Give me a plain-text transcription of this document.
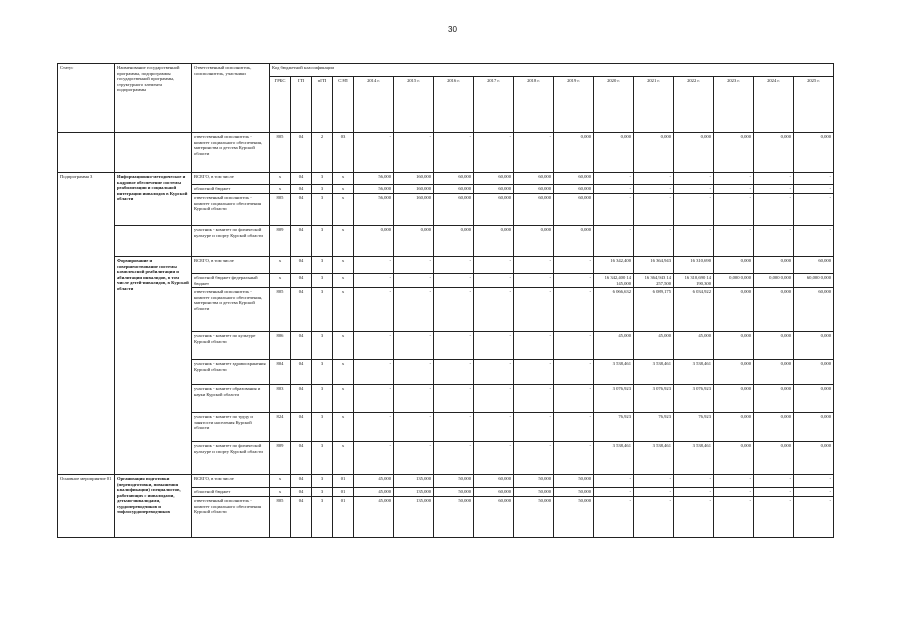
30
Статус	Наименование государственной программы, подпрограммы государственной программы, структурного элемента подпрограммы	Ответственный исполнитель, соисполнитель, участники	Код бюджетной классификации															
			ГРБС	ГП	пГП	СЭП	2014 г.	2015 г.	2016 г.	2017 г.	2018 г.	2019 г.	2020 г.	2021 г.	2022 г.	2023 г.	2024 г.	2025 г.
		ответственный исполнитель - комитет социального обеспечения, материнства и детства Курской области	805	04	2	03	-	-	-	-	-	0,000	0,000	0,000	0,000	0,000	0,000	0,000
Подпрограмма 3	Информационно-методическое и кадровое обеспечение системы реабилитации и социальной интеграции инвалидов в Курской области	ВСЕГО, в том числе	x	04	3	x	56,000	160,000	60,000	60,000	60,000	60,000	-	-	-	-	-	-
		областной бюджет	x	04	3	x	56,000	160,000	60,000	60,000	60,000	60,000	-	-	-	-	-	-
		ответственный исполнитель - комитет социального обеспечения Курской области	805	04	3	x	56,000	160,000	60,000	60,000	60,000	60,000	-	-	-	-	-	-
		участник - комитет по физической культуре и спорту Курской области	809	04	3	x	0,000	0,000	0,000	0,000	0,000	0,000	-	-	-	-	-	-
	Формирование и совершенствование системы комплексной реабилитации и абилитации инвалидов, в том числе детей-инвалидов, в Курской области	ВСЕГО, в том числе	x	04	3	x	-	-	-	-	-	-	16 342,400	16 364,943	16 310,690	0,000	0,000	60,000
		областной бюджет федеральный бюджет	x	04	3	x	-	-	-	-	-	-	16 342,400 14 145,000	16 364,943 14 257,500	16 310,690 14 190,300	0,000 0,000	0,000 0,000	60,000 0,000
		ответственный исполнитель - комитет социального обеспечения, материнства и детства Курской области	805	04	3	x	-	-	-	-	-	-	6 066,632	6 089,175	6 034,922	0,000	0,000	60,000
		участник - комитет по культуре Курской области	806	04	3	x	-	-	-	-	-	-	45,000	45,000	45,000	0,000	0,000	0,000
		участник - комитет здравоохранения Курской области	804	04	3	x	-	-	-	-	-	-	3 538,461	3 538,461	3 538,461	0,000	0,000	0,000
		участник - комитет образования и науки Курской области	803	04	3	x	-	-	-	-	-	-	3 076,923	3 076,923	3 076,923	0,000	0,000	0,000
		участник - комитет по труду и занятости населения Курской области	824	04	3	x	-	-	-	-	-	-	76,923	76,923	76,923	0,000	0,000	0,000
		участник - комитет по физической культуре и спорту Курской области	809	04	3	x	-	-	-	-	-	-	3 538,461	3 538,461	3 538,461	0,000	0,000	0,000
Основное мероприятие 01	Организация подготовки (переподготовки, повышения квалификации) специалистов, работающих с инвалидами, детьми-инвалидами, сурдопереводчиков и тифлосурдопереводчиков	ВСЕГО, в том числе	x	04	3	01	45,000	135,000	50,000	60,000	50,000	50,000	-	-	-	-	-	-
		областной бюджет	x	04	3	01	45,000	135,000	50,000	60,000	50,000	50,000	-	-	-	-	-	-
		ответственный исполнитель - комитет социального обеспечения Курской области	805	04	3	01	45,000	135,000	50,000	60,000	50,000	50,000	-	-	-	-	-	-
